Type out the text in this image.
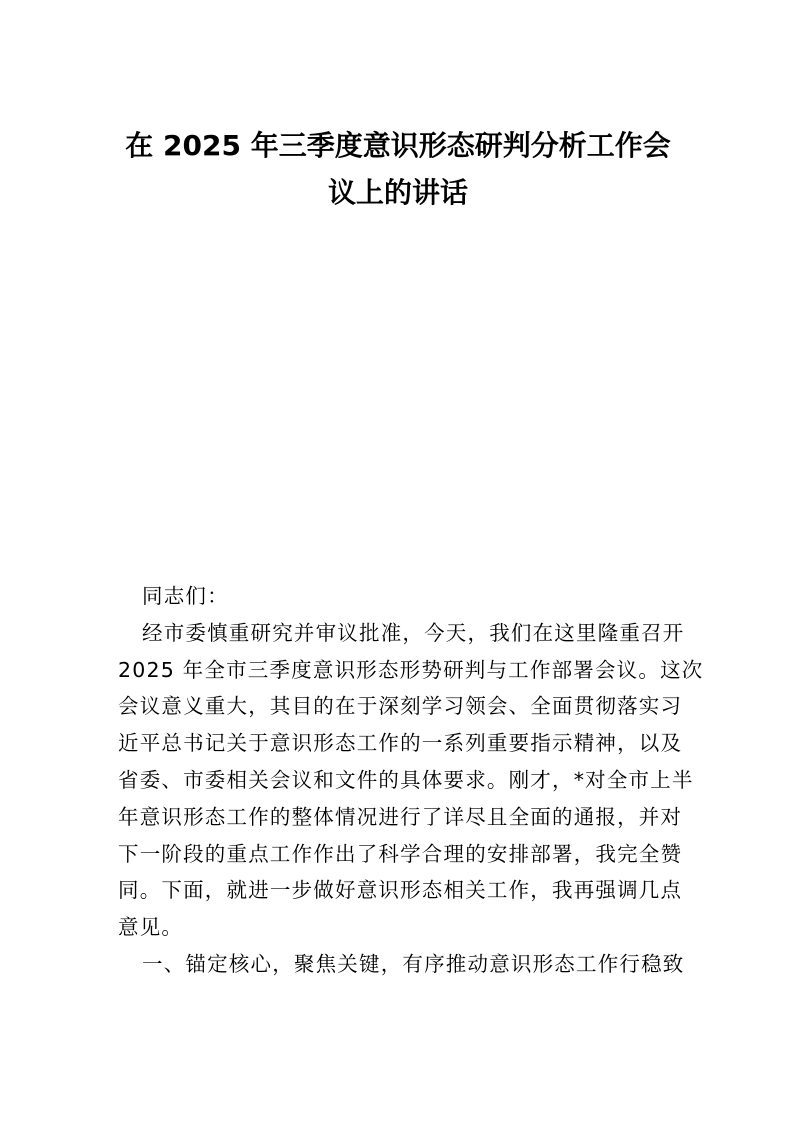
在 2025 年三季度意识形态研判分析工作会
议上的讲话

同志们：

经市委慎重研究并审议批准，今天，我们在这里隆重召开

2025 年全市三季度意识形态形势研判与工作部署会议。这次

会议意义重大，其目的在于深刻学习领会、全面贯彻落实习

近平总书记关于意识形态工作的一系列重要指示精神，以及

省委、市委相关会议和文件的具体要求。刚才，*对全市上半

年意识形态工作的整体情况进行了详尽且全面的通报，并对

下一阶段的重点工作作出了科学合理的安排部署，我完全赞

同。下面，就进一步做好意识形态相关工作，我再强调几点

意见。

一、锚定核心，聚焦关键，有序推动意识形态工作行稳致
